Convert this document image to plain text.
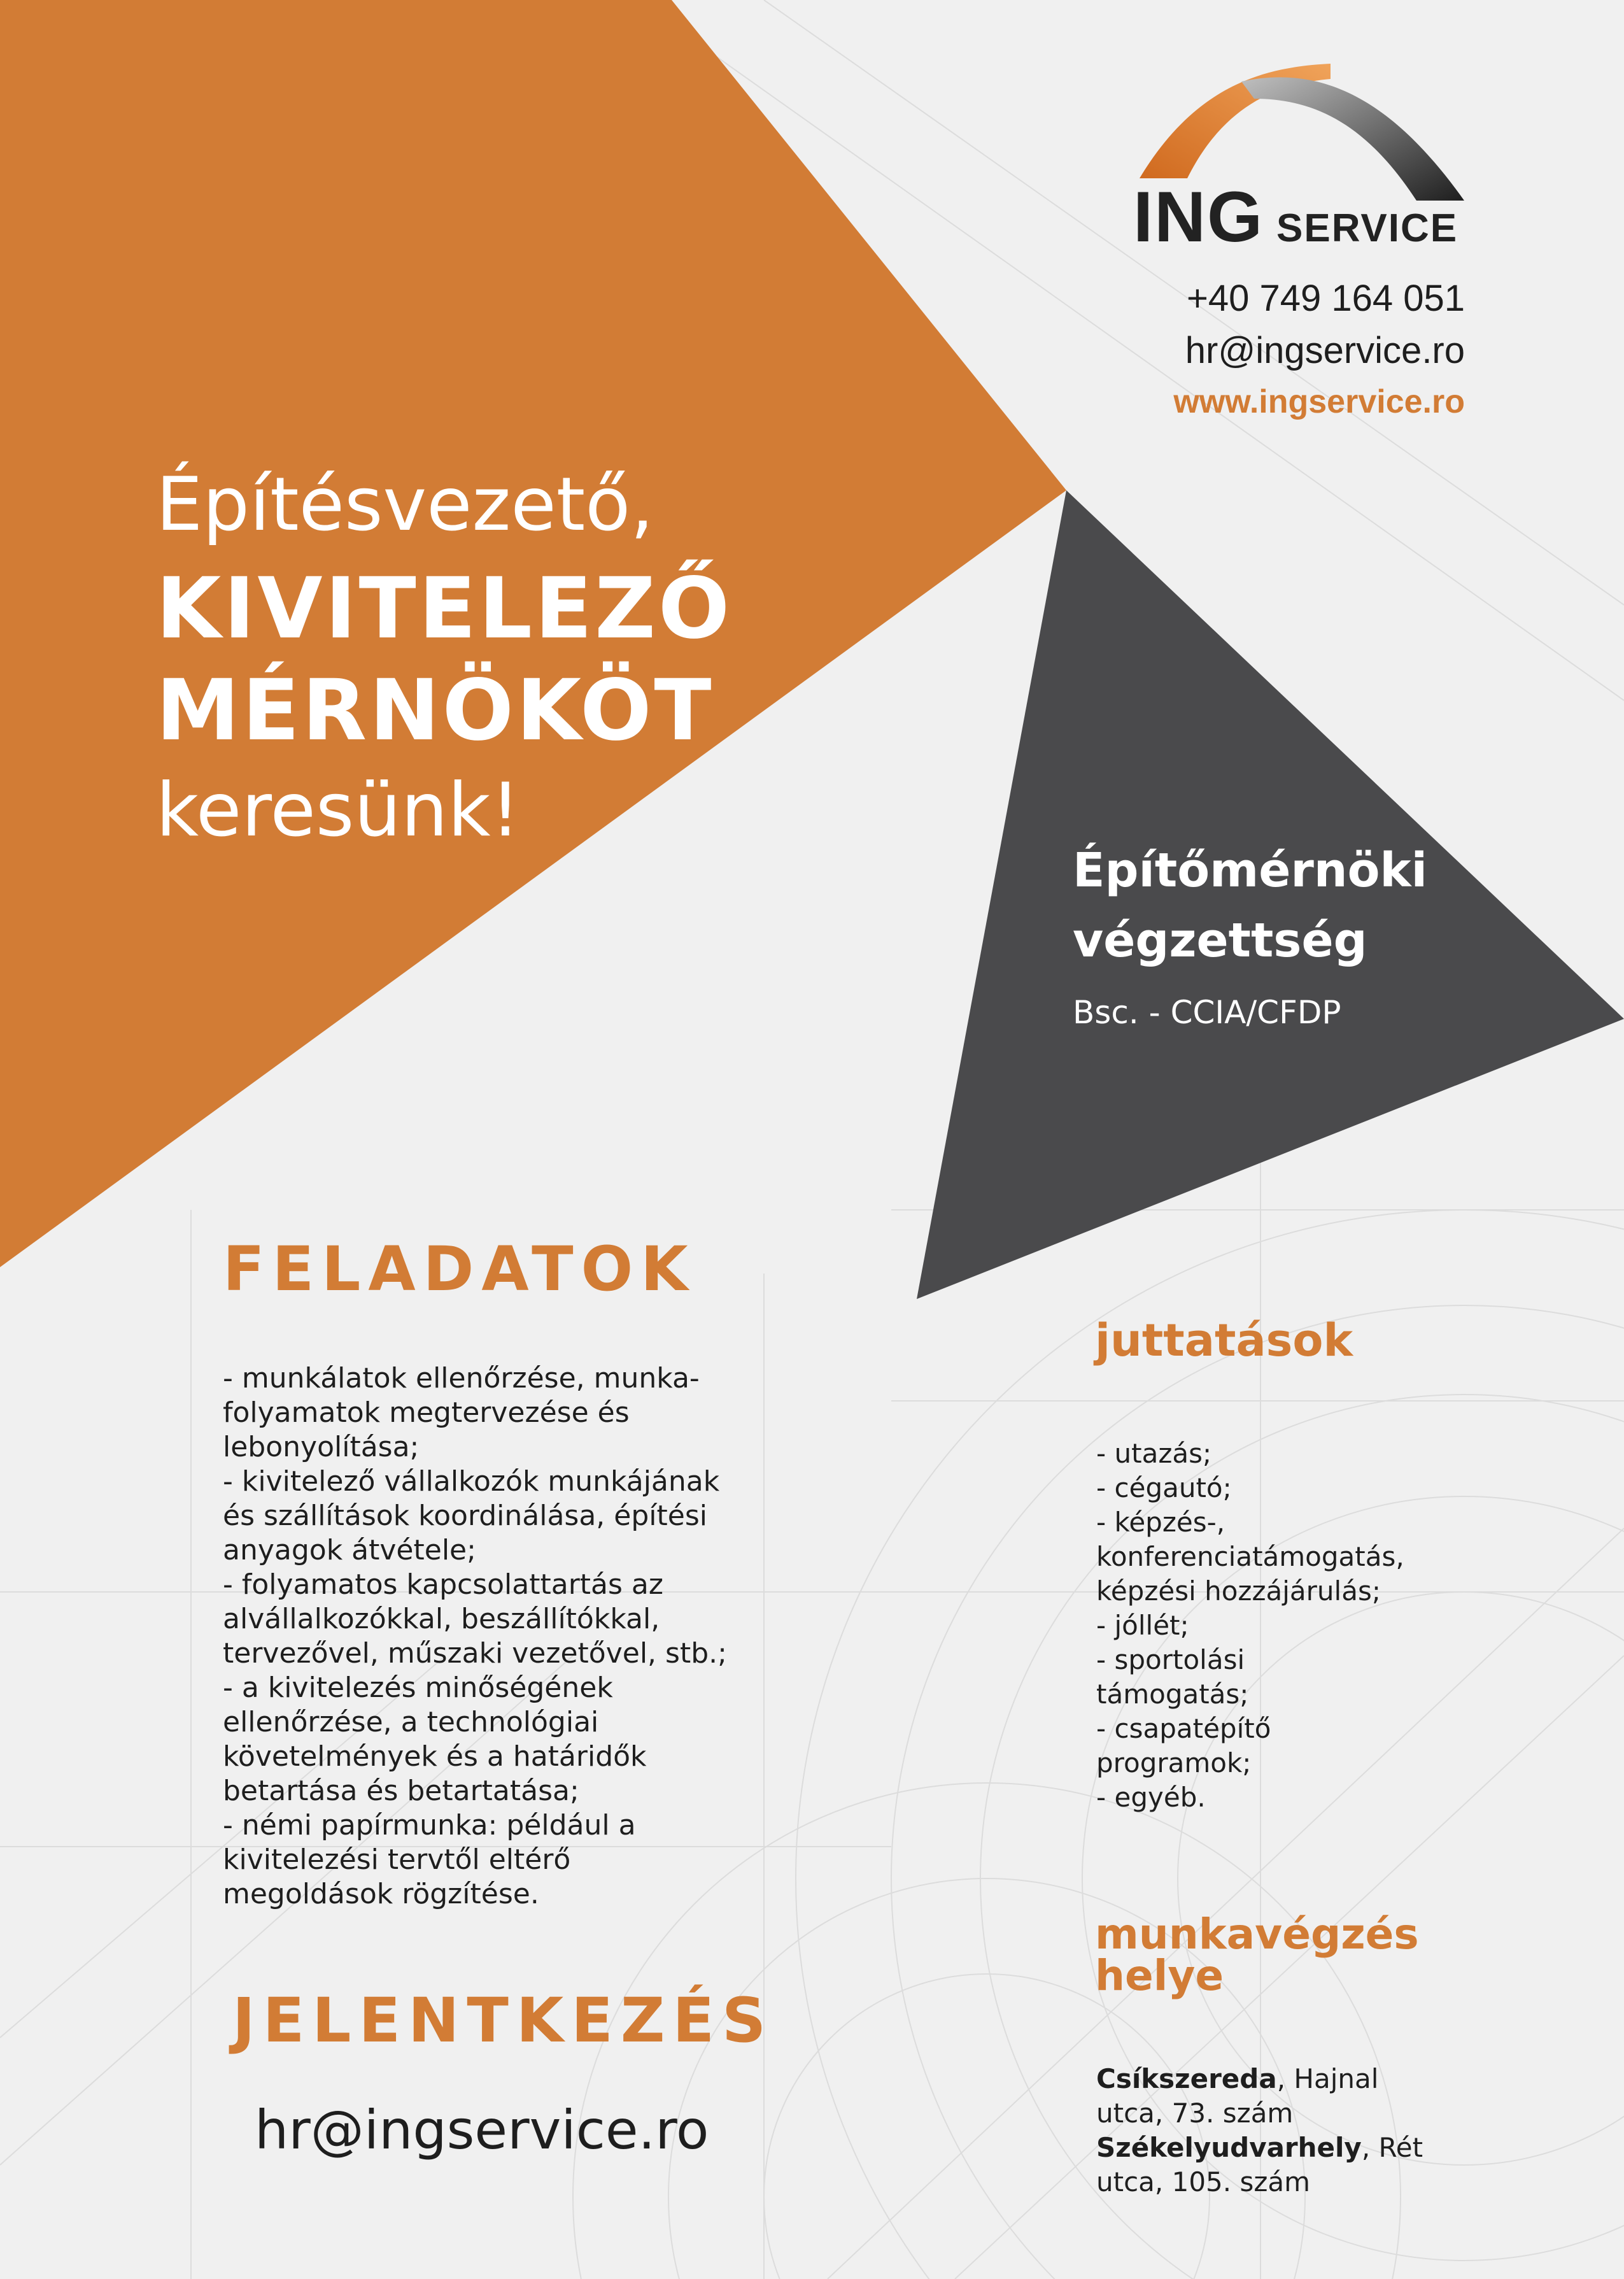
ING SERVICE
+40 749 164 051
hr@ingservice.ro
www.ingservice.ro
Építésvezető,
KIVITELEZŐ
MÉRNÖKÖT
keresünk!
Építőmérnöki
végzettség
Bsc. - CCIA/CFDP
FELADATOK
- munkálatok ellenőrzése, munka-
folyamatok megtervezése és
lebonyolítása;
- kivitelező vállalkozók munkájának
és szállítások koordinálása, építési
anyagok átvétele;
- folyamatos kapcsolattartás az
alvállalkozókkal, beszállítókkal,
tervezővel, műszaki vezetővel, stb.;
- a kivitelezés minőségének
ellenőrzése, a technológiai
követelmények és a határidők
betartása és betartatása;
- némi papírmunka: például a
kivitelezési tervtől eltérő
megoldások rögzítése.
juttatások
- utazás;
- cégautó;
- képzés-,
konferenciatámogatás,
képzési hozzájárulás;
- jóllét;
- sportolási
támogatás;
- csapatépítő
programok;
- egyéb.
munkavégzés
helye
Csíkszereda, Hajnal
utca, 73. szám
Székelyudvarhely, Rét
utca, 105. szám
JELENTKEZÉS
hr@ingservice.ro
